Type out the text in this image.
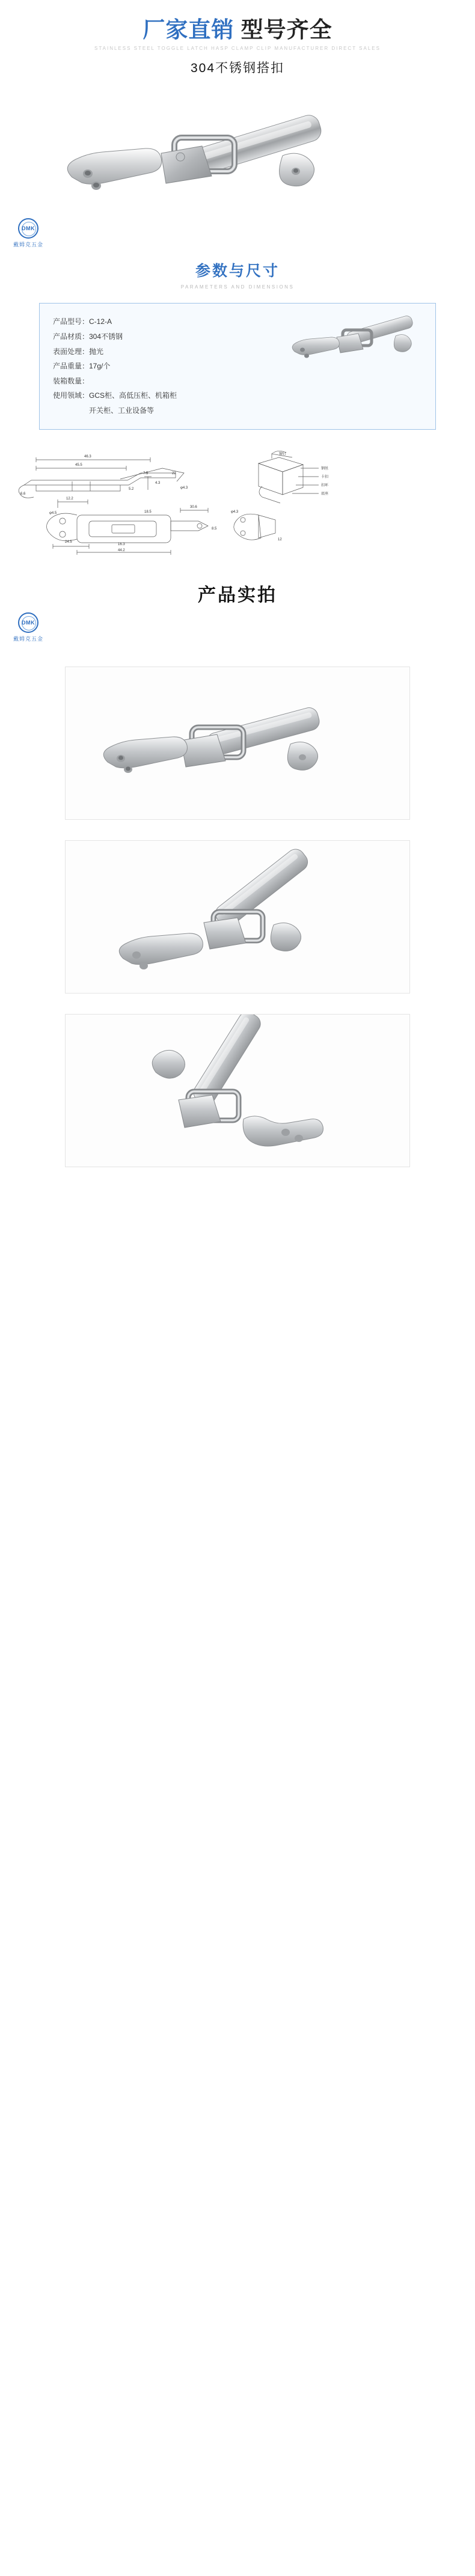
厂家直销 型号齐全
STAINLESS STEEL TOGGLE LATCH HASP CLAMP CLIP MANUFACTURER DIRECT SALES
304不锈钢搭扣
DMK
戴姆克五金
参数与尺寸
PARAMETERS AND DIMENSIONS
产品型号：C-12-A
产品材质：304不锈钢
表面处理：抛光
产品重量：17g/个
装箱数量：
使用领域：GCS柜、高低压柜、机箱柜
开关柜、工业设备等
45.5
46.3
6.6
5.2
7.5
4.3
22
φ4.3
钢丝
卡扣
扣环
底座
铆钉
12.2
24.5
44.2
16.3
18.5
φ4.5
30.6
8.5
φ4.3
12
产品实拍
DMK
戴姆克五金
